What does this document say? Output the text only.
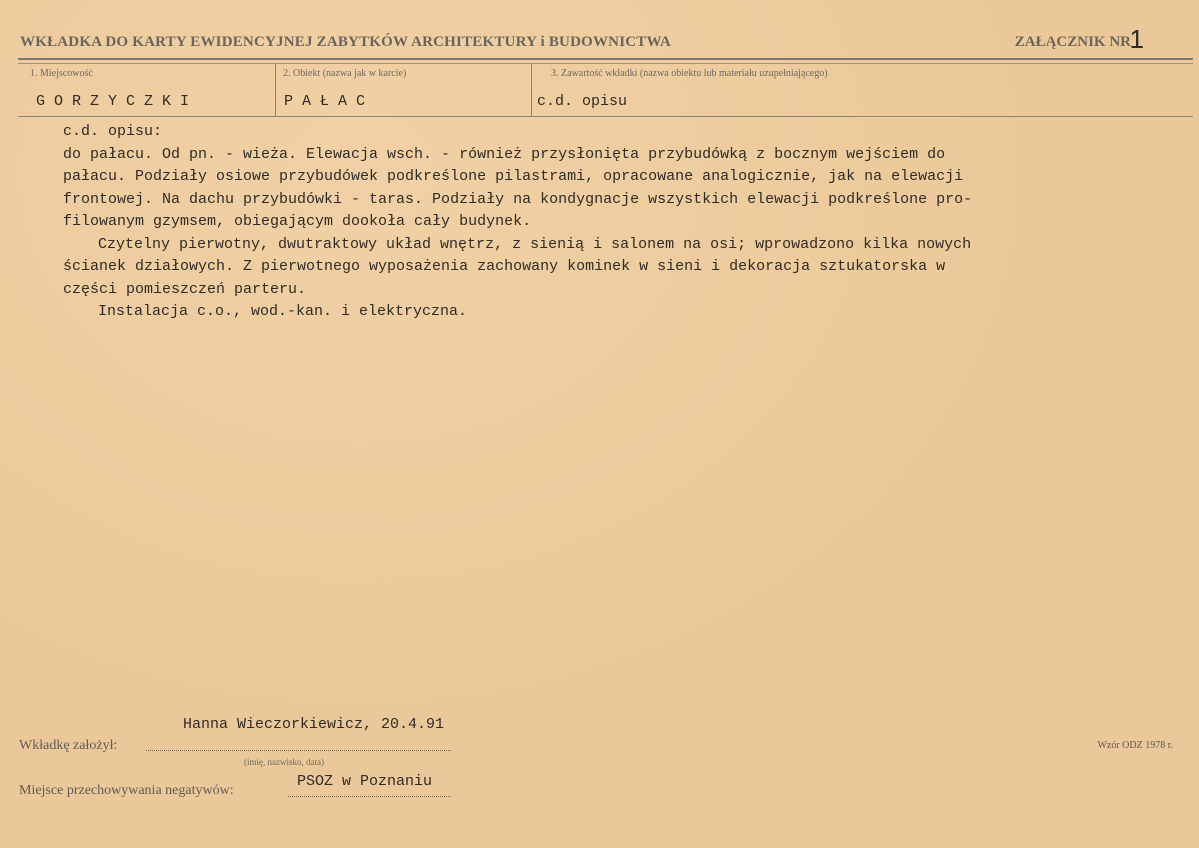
WKŁADKA DO KARTY EWIDENCYJNEJ ZABYTKÓW ARCHITEKTURY i BUDOWNICTWA	ZAŁĄCZNIK NR
1
1. Miejscowość
G O R Z Y C Z K I
2. Obiekt (nazwa jak w karcie)
P A Ł A C
3. Zawartość wkładki (nazwa obiektu lub materiału uzupełniającego)
c.d. opisu

c.d. opisu:

do pałacu. Od pn. - wieża. Elewacja wsch. - również przysłonięta przybudówką z bocznym wejściem do

pałacu. Podziały osiowe przybudówek podkreślone pilastrami, opracowane analogicznie, jak na elewacji

frontowej. Na dachu przybudówki - taras. Podziały na kondygnacje wszystkich elewacji podkreślone pro-

filowanym gzymsem, obiegającym dookoła cały budynek.

Czytelny pierwotny, dwutraktowy układ wnętrz, z sienią i salonem na osi; wprowadzono kilka nowych

ścianek działowych. Z pierwotnego wyposażenia zachowany kominek w sieni i dekoracja sztukatorska w

części pomieszczeń parteru.

Instalacja c.o., wod.-kan. i elektryczna.

Hanna Wieczorkiewicz, 20.4.91
Wkładkę założył:
(imię, nazwisko, data)
PSOZ w Poznaniu
Miejsce przechowywania negatywów:
Wzór ODZ 1978 r.
